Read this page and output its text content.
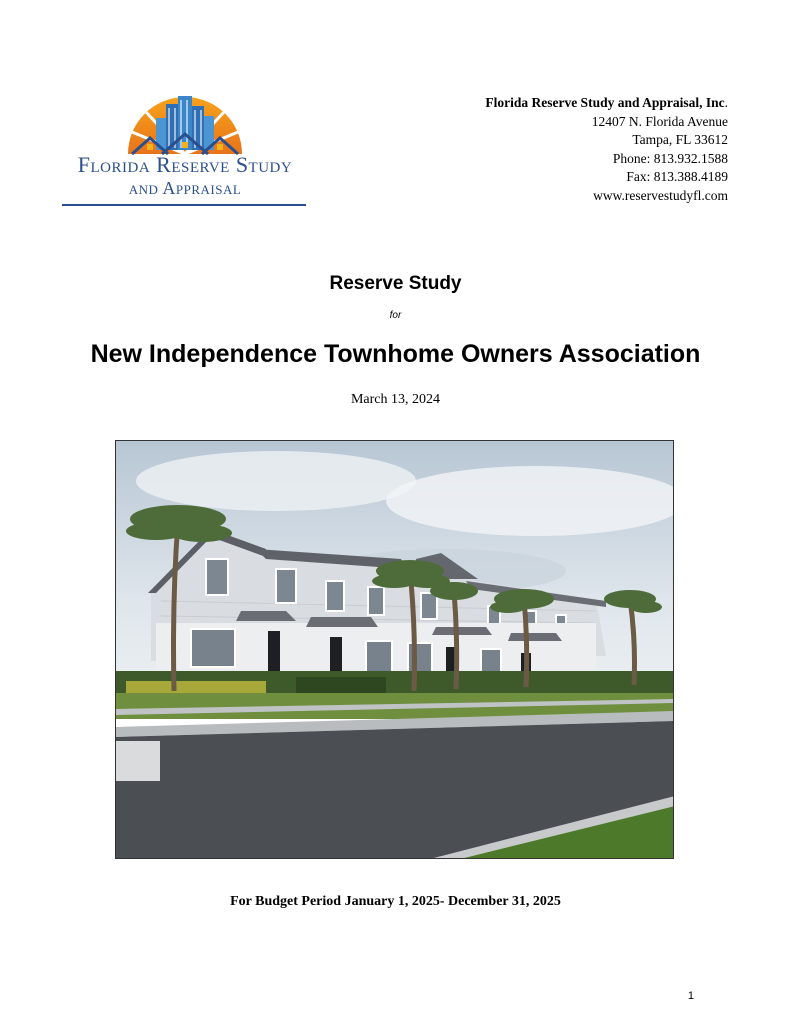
Florida Reserve Study
and Appraisal
Florida Reserve Study and Appraisal, Inc.
12407 N. Florida Avenue
Tampa, FL 33612
Phone: 813.932.1588
Fax: 813.388.4189
www.reservestudyfl.com
Reserve Study
for
New Independence Townhome Owners Association
March 13, 2024
For Budget Period January 1, 2025- December 31, 2025
1
